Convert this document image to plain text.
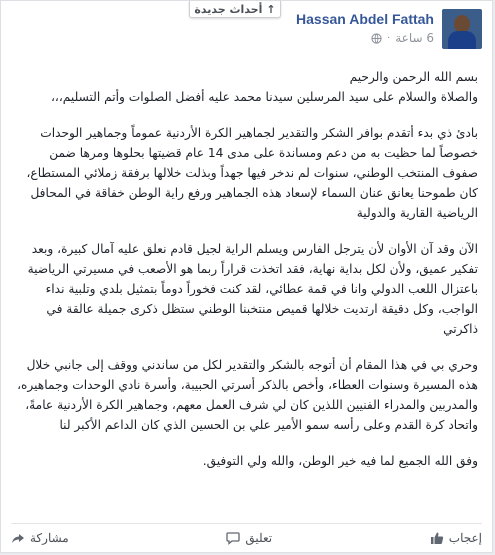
↑
أحداث جديدة
Hassan Abdel Fattah
6 ساعة
·

بسم الله الرحمن والرحيم
والصلاة والسلام على سيد المرسلين سيدنا محمد عليه أفضل الصلوات وأتم التسليم،،،

بادئ ذي بدء أتقدم بوافر الشكر والتقدير لجماهير الكرة الأردنية عموماً وجماهير الوحدات خصوصاً لما حظيت به من دعم ومساندة على مدى 14 عام قضيتها بحلوها ومرها ضمن صفوف المنتخب الوطني، سنوات لم ندخر فيها جهداً وبذلت خلالها برفقة زملائي المستطاع، كان طموحنا يعانق عنان السماء لإسعاد هذه الجماهير ورفع راية الوطن خفاقة في المحافل الرياضية القارية والدولية

الآن وقد آن الأوان لأن يترجل الفارس ويسلم الراية لجيل قادم نعلق عليه آمال كبيرة، وبعد تفكير عميق، ولأن لكل بداية نهاية، فقد اتخذت قراراً ربما هو الأصعب في مسيرتي الرياضية باعتزال اللعب الدولي وانا في قمة عطائي، لقد كنت فخوراً دوماً بتمثيل بلدي وتلبية نداء الواجب، وكل دقيقة ارتديت خلالها قميص منتخبنا الوطني ستظل ذكرى جميلة عالقة في ذاكرتي

وحري بي في هذا المقام أن أتوجه بالشكر والتقدير لكل من ساندني ووقف إلى جانبي خلال هذه المسيرة وسنوات العطاء، وأخص بالذكر أسرتي الحبيبة، وأسرة نادي الوحدات وجماهيره، والمدربين والمدراء الفنيين اللذين كان لي شرف العمل معهم، وجماهير الكرة الأردنية عامةً، واتحاد كرة القدم وعلى رأسه سمو الأمير علي بن الحسين الذي كان الداعم الأكبر لنا

وفق الله الجميع لما فيه خير الوطن، والله ولي التوفيق.

مشاركة	تعليق	إعجاب
